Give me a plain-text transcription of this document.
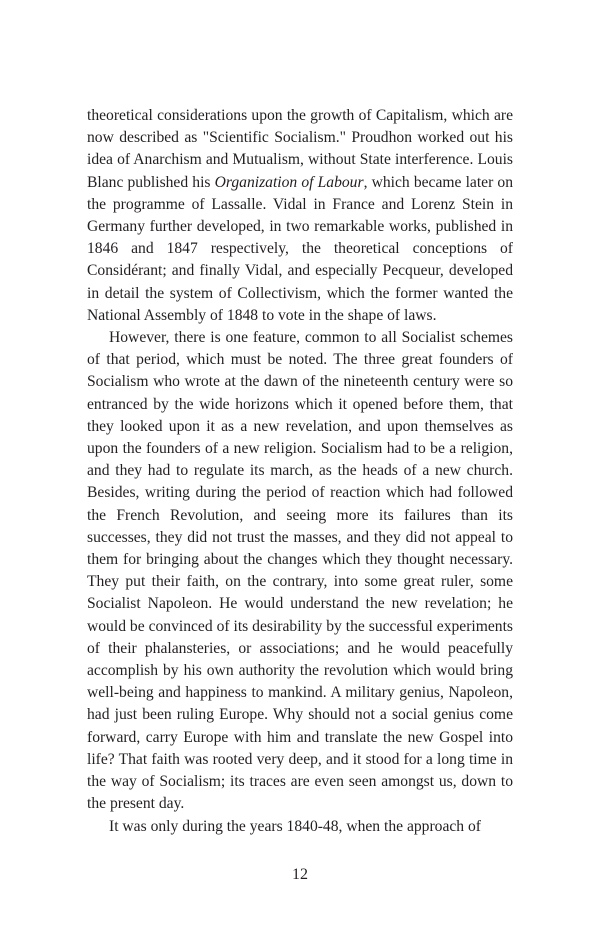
theoretical considerations upon the growth of Capitalism, which are now described as "Scientific Socialism." Proudhon worked out his idea of Anarchism and Mutualism, without State interference. Louis Blanc published his Organization of Labour, which became later on the programme of Lassalle. Vidal in France and Lorenz Stein in Germany further developed, in two remarkable works, published in 1846 and 1847 respectively, the theoretical conceptions of Considérant; and finally Vidal, and especially Pecqueur, developed in detail the system of Collectivism, which the former wanted the National Assembly of 1848 to vote in the shape of laws.

However, there is one feature, common to all Socialist schemes of that period, which must be noted. The three great founders of Socialism who wrote at the dawn of the nineteenth century were so entranced by the wide horizons which it opened before them, that they looked upon it as a new revelation, and upon themselves as upon the founders of a new religion. Socialism had to be a religion, and they had to regulate its march, as the heads of a new church. Besides, writing during the period of reaction which had followed the French Revolution, and seeing more its failures than its successes, they did not trust the masses, and they did not appeal to them for bringing about the changes which they thought necessary. They put their faith, on the contrary, into some great ruler, some Socialist Napoleon. He would understand the new revelation; he would be convinced of its desirability by the successful experiments of their phalansteries, or associations; and he would peacefully accomplish by his own authority the revolution which would bring well-being and happiness to mankind. A military genius, Napoleon, had just been ruling Europe. Why should not a social genius come forward, carry Europe with him and translate the new Gospel into life? That faith was rooted very deep, and it stood for a long time in the way of Socialism; its traces are even seen amongst us, down to the present day.

It was only during the years 1840-48, when the approach of

12
